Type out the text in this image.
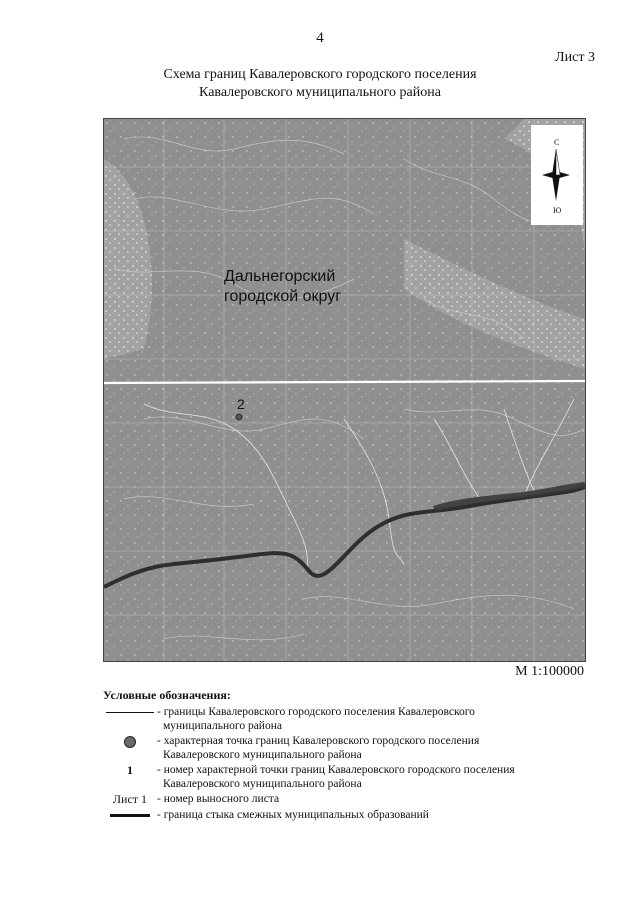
4
Лист 3
Схема границ Кавалеровского городского поселения
Кавалеровского муниципального района
2
Дальнегорский
городской округ
С
Ю
М 1:100000
Условные обозначения:
- границы Кавалеровского городского поселения Кавалеровского
муниципального района
- характерная точка границ Кавалеровского городского поселения
Кавалеровского муниципального района
1 - номер характерной точки границ Кавалеровского городского поселения
Кавалеровского муниципального района
Лист 1 - номер выносного листа
- граница стыка смежных муниципальных образований
